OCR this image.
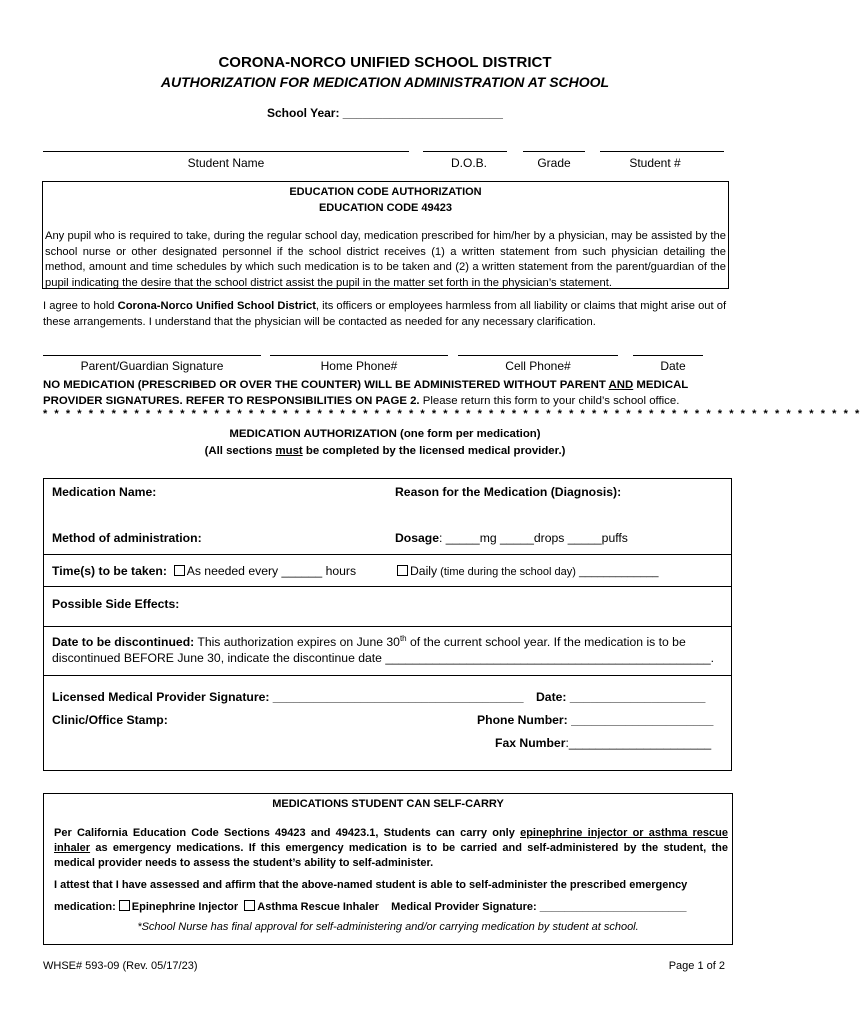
CORONA-NORCO UNIFIED SCHOOL DISTRICT
AUTHORIZATION FOR MEDICATION ADMINISTRATION AT SCHOOL
School Year: ________________________
Student Name	D.O.B.	Grade	Student #
EDUCATION CODE AUTHORIZATION
EDUCATION CODE 49423
Any pupil who is required to take, during the regular school day, medication prescribed for him/her by a physician, may be assisted by the school nurse or other designated personnel if the school district receives (1) a written statement from such physician detailing the method, amount and time schedules by which such medication is to be taken and (2) a written statement from the parent/guardian of the pupil indicating the desire that the school district assist the pupil in the matter set forth in the physician’s statement.
I agree to hold Corona-Norco Unified School District, its officers or employees harmless from all liability or claims that might arise out of these arrangements. I understand that the physician will be contacted as needed for any necessary clarification.
Parent/Guardian Signature	Home Phone#	Cell Phone#	Date
NO MEDICATION (PRESCRIBED OR OVER THE COUNTER) WILL BE ADMINISTERED WITHOUT PARENT AND MEDICAL PROVIDER SIGNATURES. REFER TO RESPONSIBILITIES ON PAGE 2. Please return this form to your child’s school office.
* * * * * * * * * * * * * * * * * * * * * * * * * * * * * * * * * * * * * * * * * * * * * * * * * * * * * * * * * * * * * * * * * * * * * * * *
MEDICATION AUTHORIZATION (one form per medication)
(All sections must be completed by the licensed medical provider.)
Medication Name:	Reason for the Medication (Diagnosis):
Method of administration:	Dosage: _____mg _____drops _____puffs
Time(s) to be taken: As needed every ______ hours	Daily (time during the school day) _____________
Possible Side Effects:
Date to be discontinued: This authorization expires on June 30th of the current school year. If the medication is to be
discontinued BEFORE June 30, indicate the discontinue date ________________________________________________.
Licensed Medical Provider Signature: _____________________________________ Date: ____________________
Clinic/Office Stamp:	Phone Number: _____________________
Fax Number:_____________________
MEDICATIONS STUDENT CAN SELF-CARRY
Per California Education Code Sections 49423 and 49423.1, Students can carry only epinephrine injector or asthma rescue inhaler as emergency medications. If this emergency medication is to be carried and self-administered by the student, the medical provider needs to assess the student’s ability to self-administer.
I attest that I have assessed and affirm that the above-named student is able to self-administer the prescribed emergency
medication: Epinephrine Injector Asthma Rescue Inhaler Medical Provider Signature: ________________________
*School Nurse has final approval for self-administering and/or carrying medication by student at school.
WHSE# 593-09 (Rev. 05/17/23)	Page 1 of 2
